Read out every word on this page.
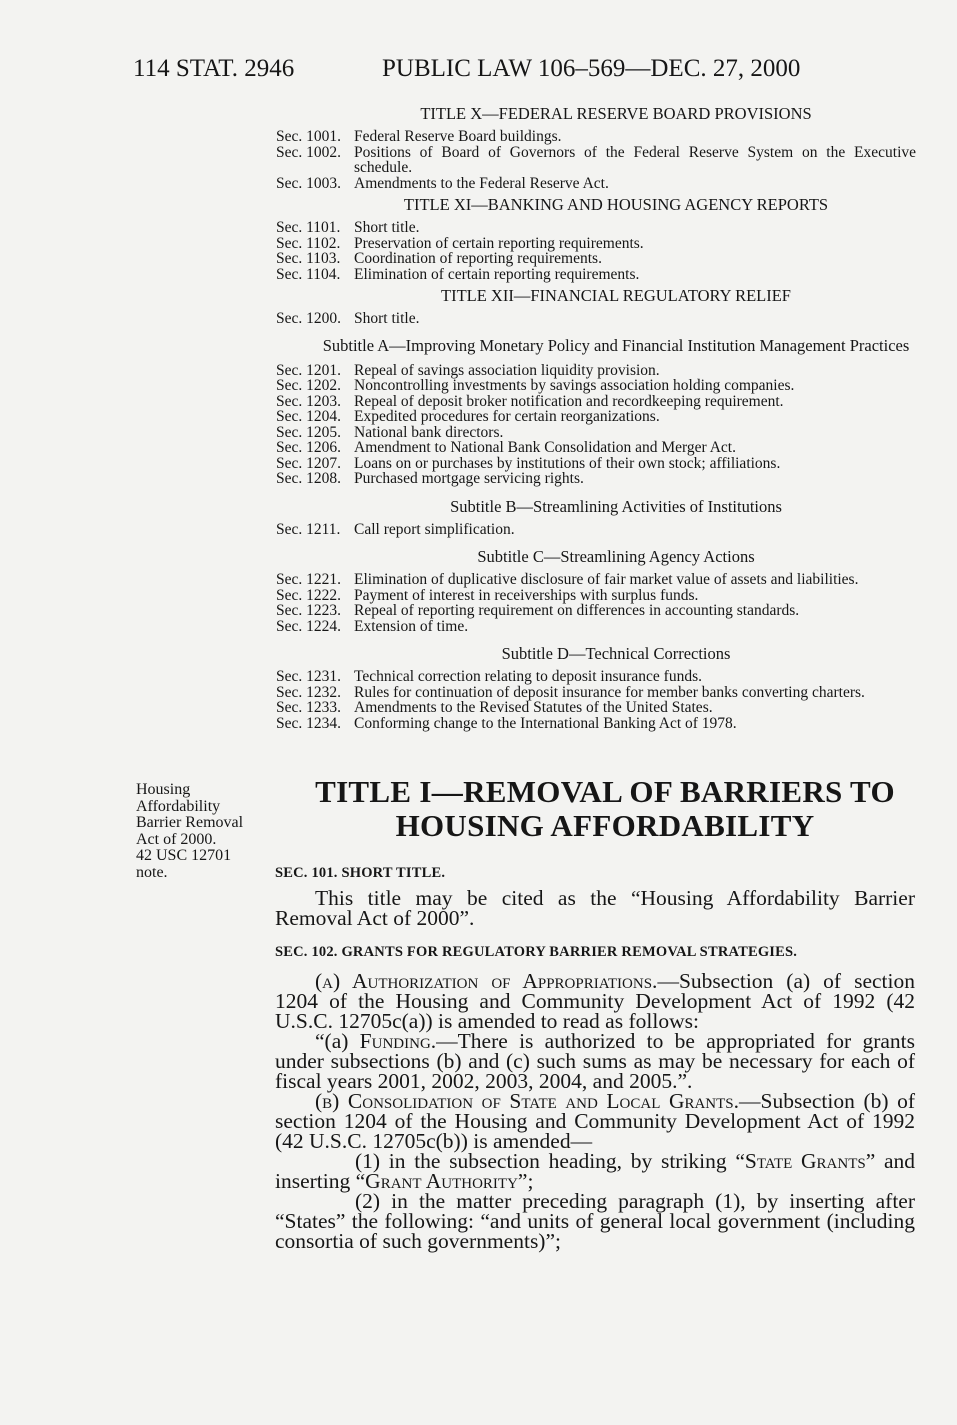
114 STAT. 2946	PUBLIC LAW 106–569—DEC. 27, 2000
TITLE X—FEDERAL RESERVE BOARD PROVISIONS
Sec. 1001. Federal Reserve Board buildings.
Sec. 1002. Positions of Board of Governors of the Federal Reserve System on the Executive schedule.
Sec. 1003. Amendments to the Federal Reserve Act.
TITLE XI—BANKING AND HOUSING AGENCY REPORTS
Sec. 1101. Short title.
Sec. 1102. Preservation of certain reporting requirements.
Sec. 1103. Coordination of reporting requirements.
Sec. 1104. Elimination of certain reporting requirements.
TITLE XII—FINANCIAL REGULATORY RELIEF
Sec. 1200. Short title.
Subtitle A—Improving Monetary Policy and Financial Institution Management Practices
Sec. 1201. Repeal of savings association liquidity provision.
Sec. 1202. Noncontrolling investments by savings association holding companies.
Sec. 1203. Repeal of deposit broker notification and recordkeeping requirement.
Sec. 1204. Expedited procedures for certain reorganizations.
Sec. 1205. National bank directors.
Sec. 1206. Amendment to National Bank Consolidation and Merger Act.
Sec. 1207. Loans on or purchases by institutions of their own stock; affiliations.
Sec. 1208. Purchased mortgage servicing rights.
Subtitle B—Streamlining Activities of Institutions
Sec. 1211. Call report simplification.
Subtitle C—Streamlining Agency Actions
Sec. 1221. Elimination of duplicative disclosure of fair market value of assets and liabilities.
Sec. 1222. Payment of interest in receiverships with surplus funds.
Sec. 1223. Repeal of reporting requirement on differences in accounting standards.
Sec. 1224. Extension of time.
Subtitle D—Technical Corrections
Sec. 1231. Technical correction relating to deposit insurance funds.
Sec. 1232. Rules for continuation of deposit insurance for member banks converting charters.
Sec. 1233. Amendments to the Revised Statutes of the United States.
Sec. 1234. Conforming change to the International Banking Act of 1978.
Housing
Affordability
Barrier Removal
Act of 2000.
42 USC 12701
note.
TITLE I—REMOVAL OF BARRIERS TO
HOUSING AFFORDABILITY
SEC. 101. SHORT TITLE.

This title may be cited as the “Housing Affordability Barrier Removal Act of 2000”.

SEC. 102. GRANTS FOR REGULATORY BARRIER REMOVAL STRATEGIES.

(a) Authorization of Appropriations.—Subsection (a) of section 1204 of the Housing and Community Development Act of 1992 (42 U.S.C. 12705c(a)) is amended to read as follows:

“(a) Funding.—There is authorized to be appropriated for grants under subsections (b) and (c) such sums as may be necessary for each of fiscal years 2001, 2002, 2003, 2004, and 2005.”.

(b) Consolidation of State and Local Grants.—Subsection (b) of section 1204 of the Housing and Community Development Act of 1992 (42 U.S.C. 12705c(b)) is amended—

(1) in the subsection heading, by striking “State Grants” and inserting “Grant Authority”;

(2) in the matter preceding paragraph (1), by inserting after “States” the following: “and units of general local government (including consortia of such governments)”;
